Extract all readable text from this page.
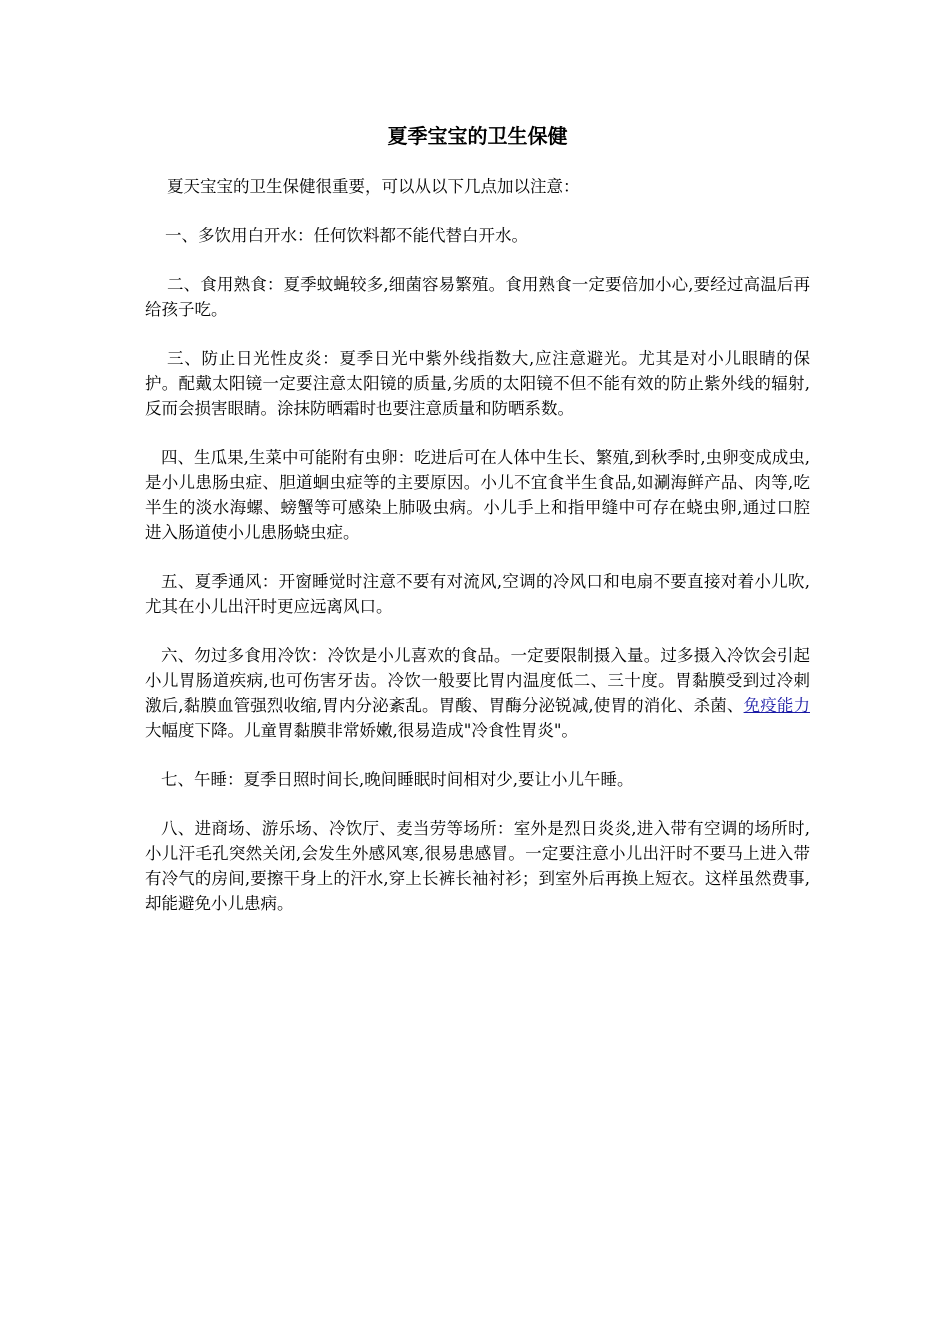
夏季宝宝的卫生保健

夏天宝宝的卫生保健很重要，可以从以下几点加以注意：

一、多饮用白开水：任何饮料都不能代替白开水。

二、食用熟食：夏季蚊蝇较多,细菌容易繁殖。食用熟食一定要倍加小心,要经过高温后再给孩子吃。

三、防止日光性皮炎：夏季日光中紫外线指数大,应注意避光。尤其是对小儿眼睛的保护。配戴太阳镜一定要注意太阳镜的质量,劣质的太阳镜不但不能有效的防止紫外线的辐射,反而会损害眼睛。涂抹防晒霜时也要注意质量和防晒系数。

四、生瓜果,生菜中可能附有虫卵：吃进后可在人体中生长、繁殖,到秋季时,虫卵变成成虫,是小儿患肠虫症、胆道蛔虫症等的主要原因。小儿不宜食半生食品,如涮海鲜产品、肉等,吃半生的淡水海螺、螃蟹等可感染上肺吸虫病。小儿手上和指甲缝中可存在蛲虫卵,通过口腔进入肠道使小儿患肠蛲虫症。

五、夏季通风：开窗睡觉时注意不要有对流风,空调的冷风口和电扇不要直接对着小儿吹,尤其在小儿出汗时更应远离风口。

六、勿过多食用冷饮：冷饮是小儿喜欢的食品。一定要限制摄入量。过多摄入冷饮会引起小儿胃肠道疾病,也可伤害牙齿。冷饮一般要比胃内温度低二、三十度。胃黏膜受到过冷刺激后,黏膜血管强烈收缩,胃内分泌紊乱。胃酸、胃酶分泌锐减,使胃的消化、杀菌、免疫能力大幅度下降。儿童胃黏膜非常娇嫩,很易造成"冷食性胃炎"。

七、午睡：夏季日照时间长,晚间睡眠时间相对少,要让小儿午睡。

八、进商场、游乐场、冷饮厅、麦当劳等场所：室外是烈日炎炎,进入带有空调的场所时,小儿汗毛孔突然关闭,会发生外感风寒,很易患感冒。一定要注意小儿出汗时不要马上进入带有冷气的房间,要擦干身上的汗水,穿上长裤长袖衬衫；到室外后再换上短衣。这样虽然费事,却能避免小儿患病。
